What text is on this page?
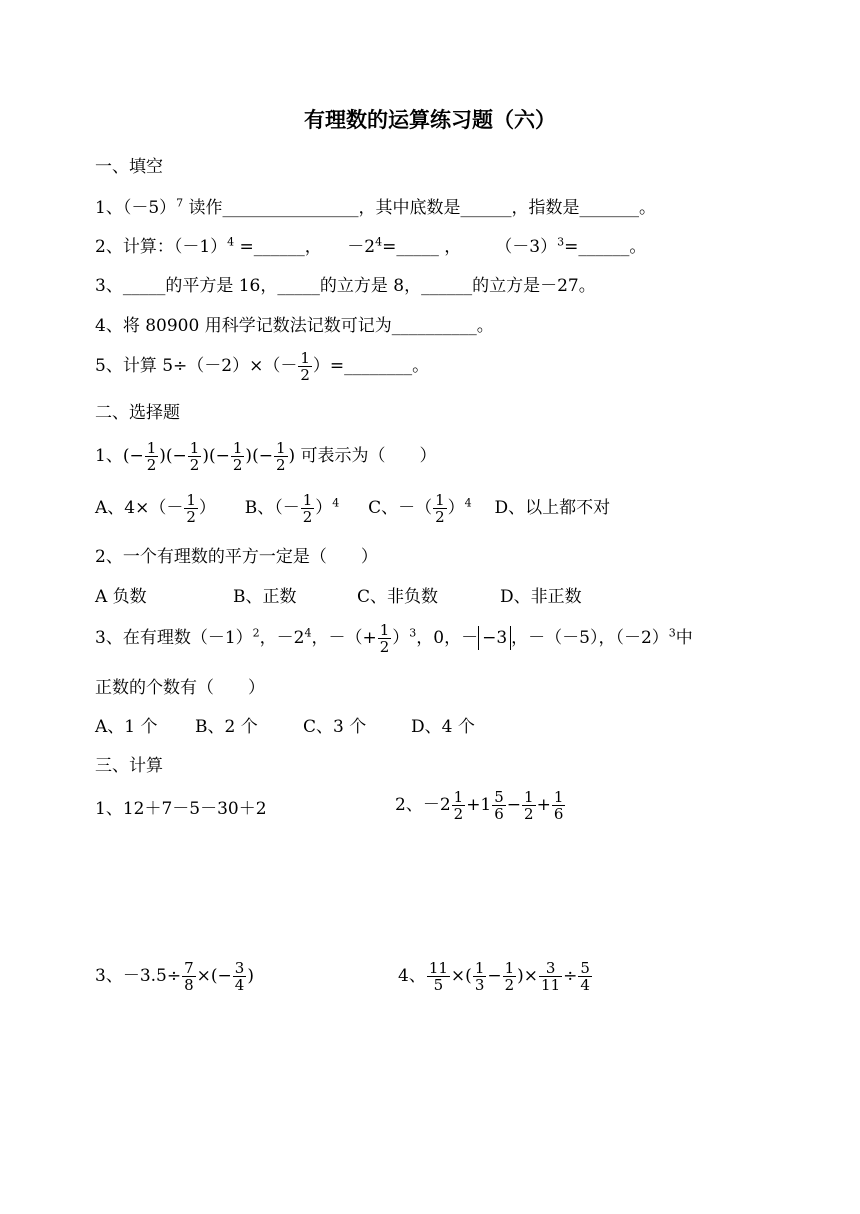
有理数的运算练习题（六）
一、填空
1、$(-5)^7$ 读作________________，其中底数是______，指数是_______。
2、计算：$(-1)^4$ =______，　　$-2^4=\_\_\_\_\_$ ，　　　$(-3)^3=\_\_\_\_\_\_$。
3、_____的平方是 16，_____的立方是 8，______的立方是－27。
4、将 80900 用科学记数法记数可记为__________。
5、计算 $5\div(-2)\times(- \frac{1}{2}$ ）=________。
二、选择题
1、(− $\frac{1}{2}$ )(− $\frac{1}{2}$ )(− $\frac{1}{2}$ )(− $\frac{1}{2}$ ) 可表示为（　　）
A、$4\times(- \frac{1}{2}$ ） B、（－ $\frac{1}{2} )^4$ C、－（ $\frac{1}{2} )^4$ D、以上都不对
2、一个有理数的平方一定是（　　）
A 负数	B、正数	C、非负数	D、非正数
3、在有理数$(-1)^2$，$-2^4$，－（+ $\frac{1}{2} )^3$，0，－ −3 ，－（－5），$(-2)^3$中
正数的个数有（　　）
A、1 个 B、2 个	C、3 个	D、4 个
三、计算
1、12＋7－5－30＋2	2、$-2 \frac{1}{2} +1 \frac{5}{6} - \frac{1}{2} + \frac{1}{6}$
3、$-3.5\div \frac{7}{8}$ ×(− $\frac{3}{4}$ )	4、 $\frac{11}{5}$ ×( $\frac{1}{3} - \frac{1}{2}$ )× $\frac{3}{11} \div \frac{5}{4}$
